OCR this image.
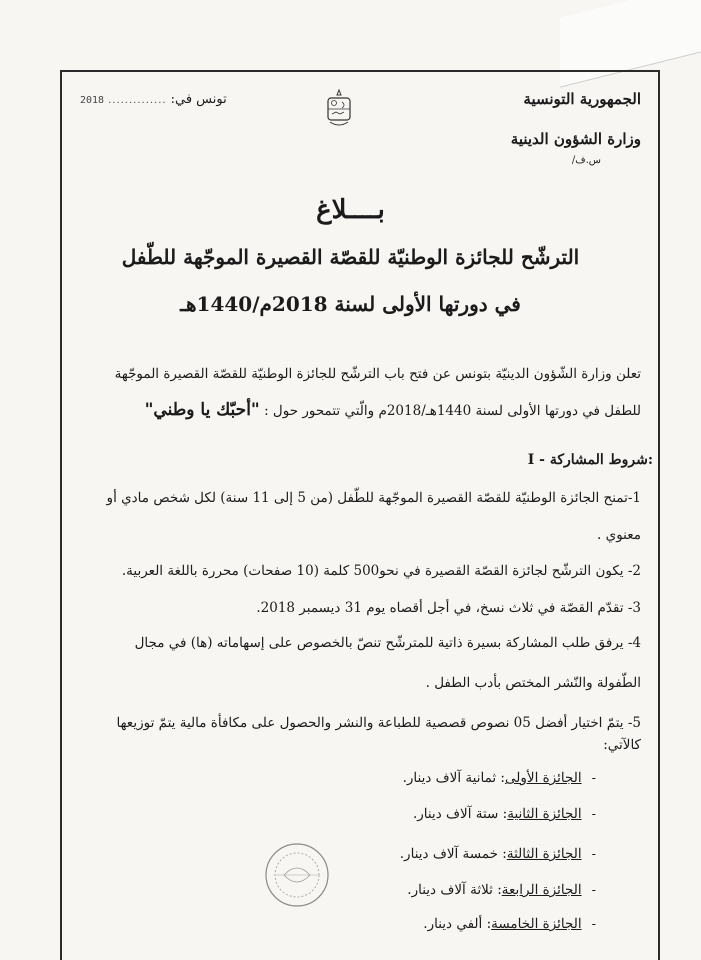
الجمهورية التونسية
وزارة الشؤون الدينية
س.ف/
تونس في:
..............
2018
بــــلاغ
الترشّح للجائزة الوطنيّة للقصّة القصيرة الموجّهة للطّفل
في دورتها الأولى لسنة 2018م/1440هـ
تعلن وزارة الشّؤون الدينيّة بتونس عن فتح باب الترشّح للجائزة الوطنيّة للقصّة القصيرة الموجّهة
للطفل في دورتها الأولى لسنة 1440هـ/2018م والّتي تتمحور حول : "أحبّك يا وطني"
I - شروط المشاركة:
1-تمنح الجائزة الوطنيّة للقصّة القصيرة الموجّهة للطّفل (من 5 إلى 11 سنة) لكل شخص مادي أو
معنوي .
2- يكون الترشّح لجائزة القصّة القصيرة في نحو500 كلمة (10 صفحات) محررة باللغة العربية.
3- تقدّم القصّة في ثلاث نسخ، في أجل أقصاه يوم 31 ديسمبر 2018.
4- يرفق طلب المشاركة بسيرة ذاتية للمترشّح تنصّ بالخصوص على إسهاماته (ها) في مجال
الطّفولة والنّشر المختص بأدب الطفل .
5- يتمّ اختيار أفضل 05 نصوص قصصية للطباعة والنشر والحصول على مكافأة مالية يتمّ توزيعها
كالآتي:
-
الجائزة الأولى: ثمانية آلاف دينار.
-
الجائزة الثانية: ستة آلاف دينار.
-
الجائزة الثالثة: خمسة آلاف دينار.
-
الجائزة الرابعة: ثلاثة آلاف دينار.
-
الجائزة الخامسة: ألفي دينار.
